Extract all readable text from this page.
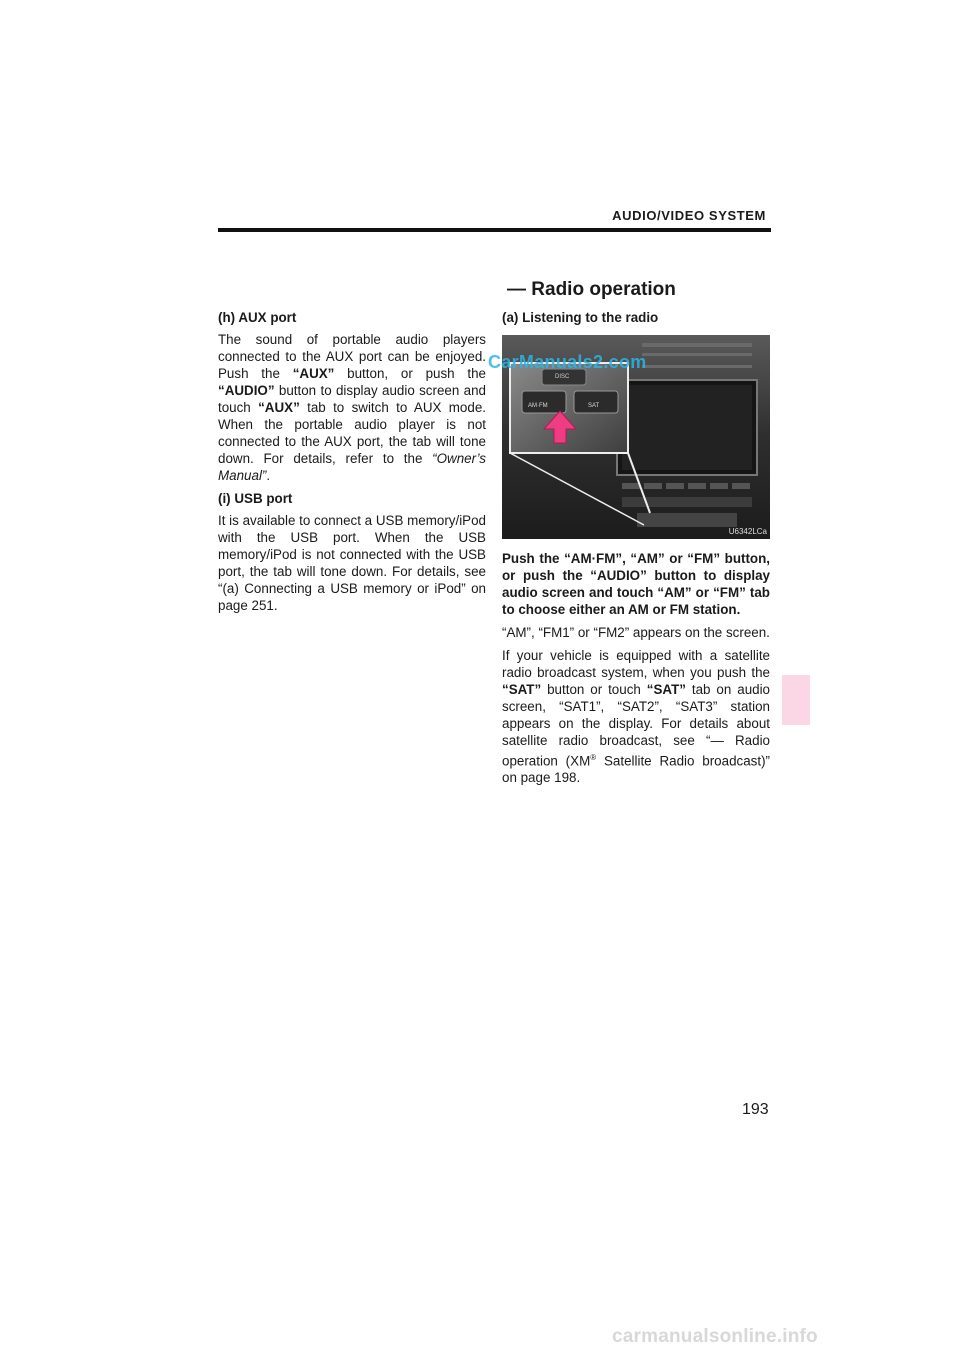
AUDIO/VIDEO SYSTEM

(h) AUX port

The sound of portable audio players connected to the AUX port can be enjoyed. Push the “AUX” button, or push the “AUDIO” button to display audio screen and touch “AUX” tab to switch to AUX mode. When the portable audio player is not connected to the AUX port, the tab will tone down. For details, refer to the “Owner’s Manual”.

(i) USB port

It is available to connect a USB memory/iPod with the USB port. When the USB memory/iPod is not connected with the USB port, the tab will tone down. For details, see “(a) Connecting a USB memory or iPod” on page 251.

— Radio operation

(a) Listening to the radio

AM·FM	SAT
DISC
U6342LCa
CarManuals2.com

Push the “AM·FM”, “AM” or “FM” button, or push the “AUDIO” button to display audio screen and touch “AM” or “FM” tab to choose either an AM or FM station.

“AM”, “FM1” or “FM2” appears on the screen.

If your vehicle is equipped with a satellite radio broadcast system, when you push the “SAT” button or touch “SAT” tab on audio screen, “SAT1”, “SAT2”, “SAT3” station appears on the display. For details about satellite radio broadcast, see “— Radio operation (XM® Satellite Radio broadcast)” on page 198.

193
carmanualsonline.info
